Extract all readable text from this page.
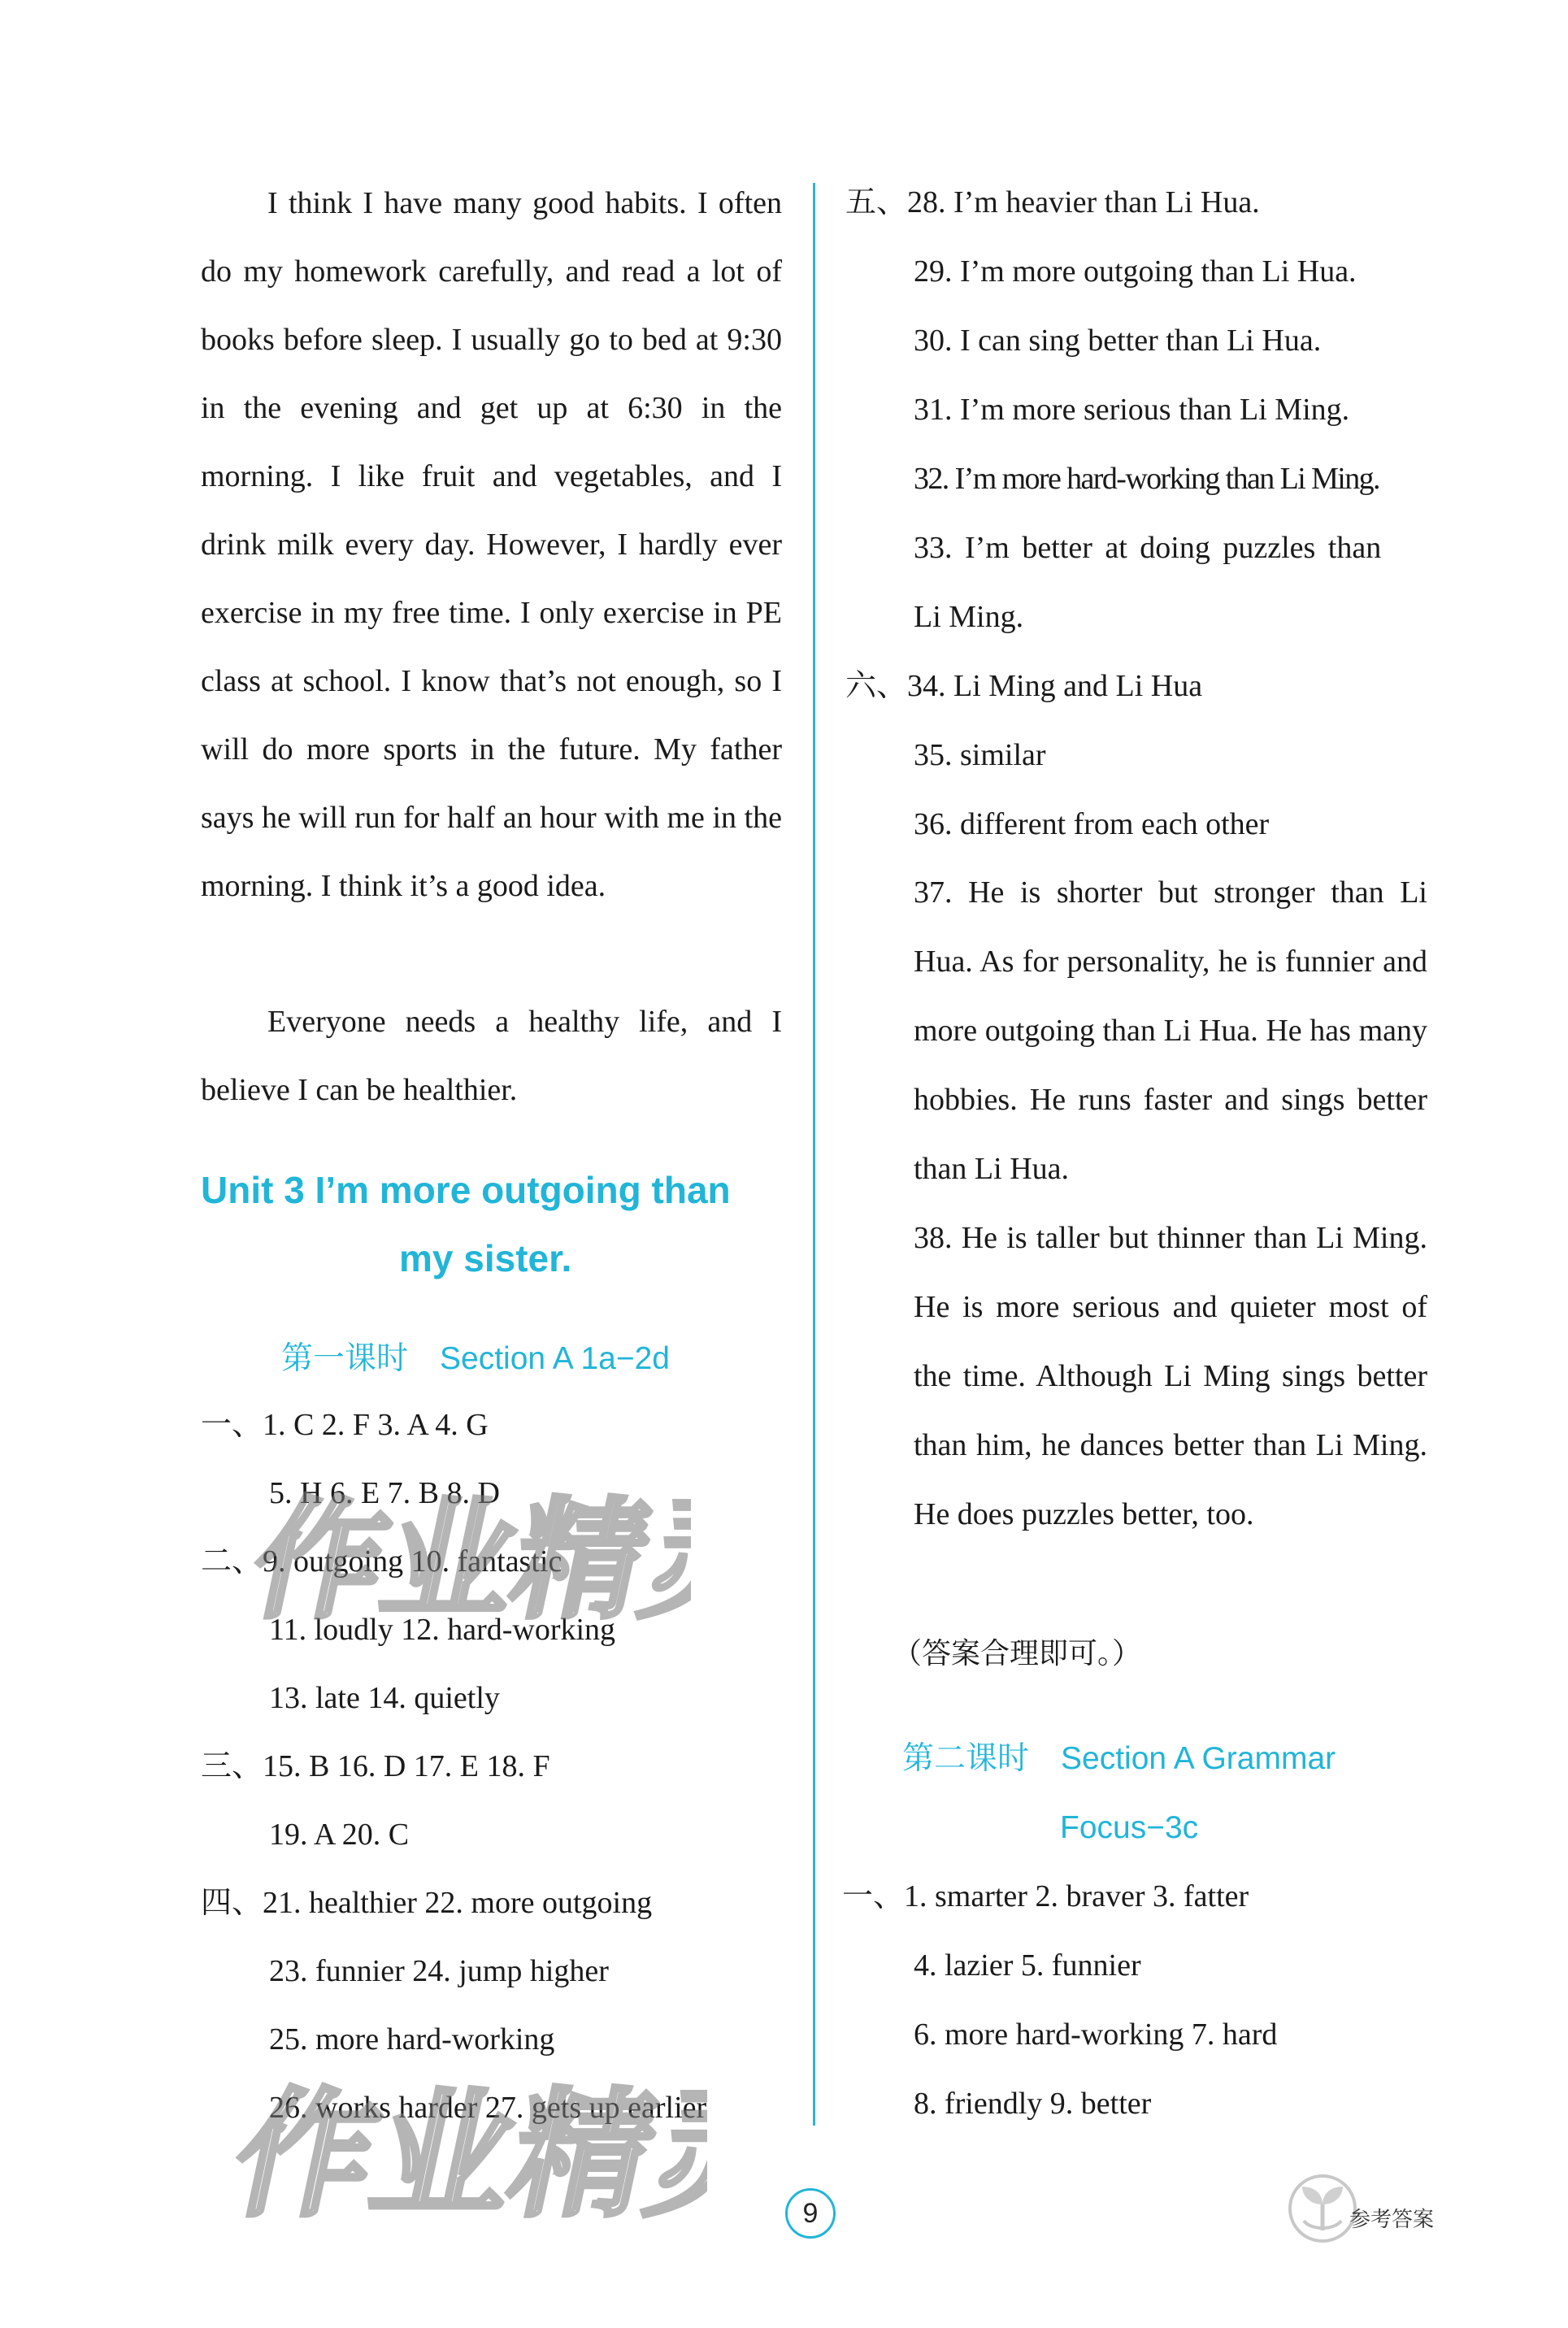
I think I have many good habits. I often do my homework carefully, and read a lot of books before sleep. I usually go to bed at 9:30 in the evening and get up at 6:30 in the morning. I like fruit and vegetables, and I drink milk every day. However, I hardly ever exercise in my free time. I only exercise in PE class at school. I know that’s not enough, so I will do more sports in the future. My father says he will run for half an hour with me in the morning. I think it’s a good idea.

Everyone needs a healthy life, and I believe I can be healthier.

Unit 3 I’m more outgoing than
my sister.
第一课时　Section A 1a−2d
一、1. C 2. F 3. A 4. G
5. H 6. E 7. B 8. D
二、9. outgoing 10. fantastic
11. loudly 12. hard-working
13. late 14. quietly
三、15. B 16. D 17. E 18. F
19. A 20. C
四、21. healthier 22. more outgoing
23. funnier 24. jump higher
25. more hard-working
26. works harder 27. gets up earlier
五、28. I’m heavier than Li Hua.
29. I’m more outgoing than Li Hua.
30. I can sing better than Li Hua.
31. I’m more serious than Li Ming.
32. I’m more hard-working than Li Ming.
33. I’m better at doing puzzles than
Li Ming.
六、34. Li Ming and Li Hua
35. similar
36. different from each other

37. He is shorter but stronger than Li Hua. As for personality, he is funnier and more outgoing than Li Hua. He has many hobbies. He runs faster and sings better than Li Hua.

38. He is taller but thinner than Li Ming. He is more serious and quieter most of the time. Although Li Ming sings better than him, he dances better than Li Ming. He does puzzles better, too.

（答案合理即可。）
第二课时　Section A Grammar
Focus−3c
一、1. smarter 2. braver 3. fatter
4. lazier 5. funnier
6. more hard-working 7. hard
8. friendly 9. better
作业精灵
作业精灵
9	参考答案
